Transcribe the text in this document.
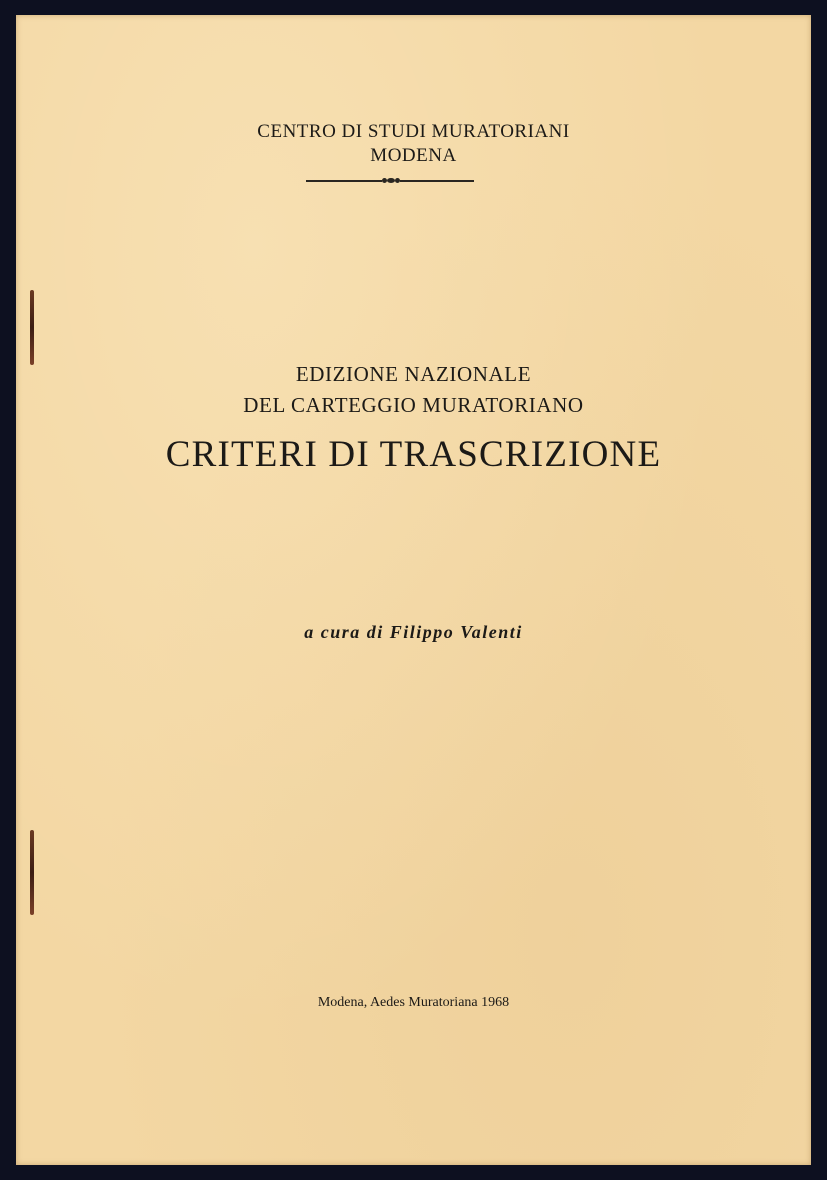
CENTRO DI STUDI MURATORIANI
MODENA
EDIZIONE NAZIONALE
DEL CARTEGGIO MURATORIANO
CRITERI DI TRASCRIZIONE
a cura di Filippo Valenti
Modena, Aedes Muratoriana 1968
